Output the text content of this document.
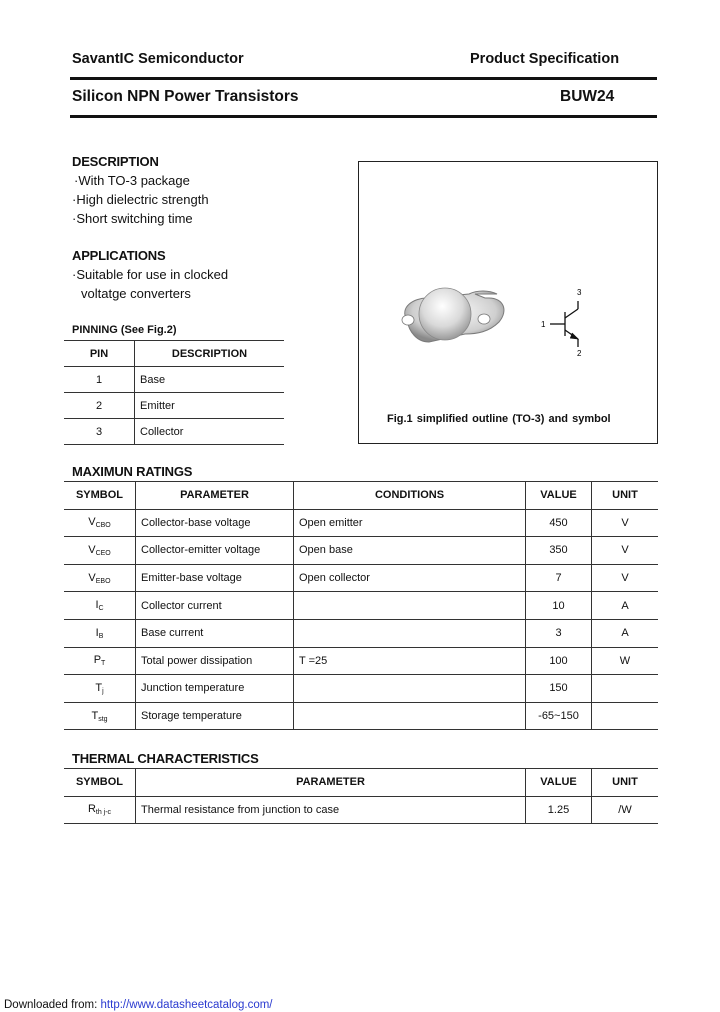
SavantIC Semiconductor	Product Specification
Silicon NPN Power Transistors	BUW24
DESCRIPTION
·With TO-3 package
·High dielectric strength
·Short switching time
APPLICATIONS
·Suitable for use in clocked
voltatge converters
PINNING (See Fig.2)
PIN	DESCRIPTION
1	Base
2	Emitter
3	Collector
1
2
3
Fig.1 simplified outline (TO-3) and symbol
MAXIMUN RATINGS
SYMBOL	PARAMETER	CONDITIONS	VALUE	UNIT
$V_{CBO}$	Collector-base voltage	Open emitter	450	V
$V_{CEO}$	Collector-emitter voltage	Open base	350	V
$V_{EBO}$	Emitter-base voltage	Open collector	7	V
$I_C$	Collector current		10	A
$I_B$	Base current		3	A
$P_T$	Total power dissipation	T =25	100	W
$T_j$	Junction temperature		150	
$T_{stg}$	Storage temperature		-65~150	
THERMAL CHARACTERISTICS
SYMBOL	PARAMETER	VALUE	UNIT
$R_{th j-c}$	Thermal resistance from junction to case	1.25	/W
Downloaded from: http://www.datasheetcatalog.com/
